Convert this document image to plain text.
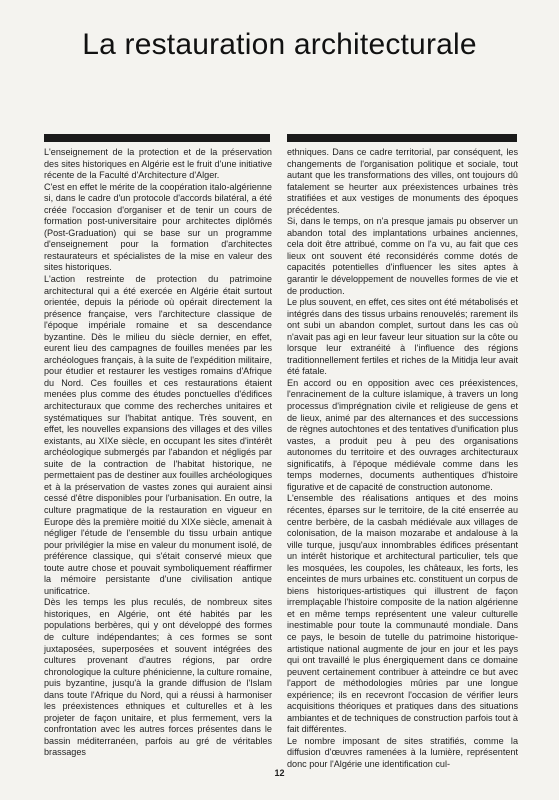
La restauration architecturale

L'enseignement de la protection et de la préservation des sites historiques en Algérie est le fruit d'une initiative récente de la Faculté d'Architecture d'Alger.

C'est en effet le mérite de la coopération italo-algérienne si, dans le cadre d'un protocole d'accords bilatéral, a été créée l'occasion d'organiser et de tenir un cours de formation post-universitaire pour architectes diplômés (Post-Graduation) qui se base sur un programme d'enseignement pour la formation d'architectes restaurateurs et spécialistes de la mise en valeur des sites historiques.

L'action restreinte de protection du patrimoine architectural qui a été exercée en Algérie était surtout orientée, depuis la période où opérait directement la présence française, vers l'architecture classique de l'époque impériale romaine et sa descendance byzantine. Dès le milieu du siècle dernier, en effet, eurent lieu des campagnes de fouilles menées par les archéologues français, à la suite de l'expédition militaire, pour étudier et restaurer les vestiges romains d'Afrique du Nord. Ces fouilles et ces restaurations étaient menées plus comme des études ponctuelles d'édifices architecturaux que comme des recherches unitaires et systématiques sur l'habitat antique. Très souvent, en effet, les nouvelles expansions des villages et des villes existants, au XIXe siècle, en occupant les sites d'intérêt archéologique submergés par l'abandon et négligés par suite de la contraction de l'habitat historique, ne permettaient pas de destiner aux fouilles archéologiques et à la préservation de vastes zones qui auraient ainsi cessé d'être disponibles pour l'urbanisation. En outre, la culture pragmatique de la restauration en vigueur en Europe dès la première moitié du XIXe siècle, amenait à négliger l'étude de l'ensemble du tissu urbain antique pour privilégier la mise en valeur du monument isolé, de préférence classique, qui s'était conservé mieux que toute autre chose et pouvait symboliquement réaffirmer la mémoire persistante d'une civilisation antique unificatrice.

Dès les temps les plus reculés, de nombreux sites historiques, en Algérie, ont été habités par les populations berbères, qui y ont développé des formes de culture indépendantes; à ces formes se sont juxtaposées, superposées et souvent intégrées des cultures provenant d'autres régions, par ordre chronologique la culture phénicienne, la culture romaine, puis byzantine, jusqu'à la grande diffusion de l'Islam dans toute l'Afrique du Nord, qui a réussi à harmoniser les préexistences ethniques et culturelles et à les projeter de façon unitaire, et plus fermement, vers la confrontation avec les autres forces présentes dans le bassin méditerranéen, parfois au gré de véritables brassages

ethniques. Dans ce cadre territorial, par conséquent, les changements de l'organisation politique et sociale, tout autant que les transformations des villes, ont toujours dû fatalement se heurter aux préexistences urbaines très stratifiées et aux vestiges de monuments des époques précédentes.

Si, dans le temps, on n'a presque jamais pu observer un abandon total des implantations urbaines anciennes, cela doit être attribué, comme on l'a vu, au fait que ces lieux ont souvent été reconsidérés comme dotés de capacités potentielles d'influencer les sites aptes à garantir le développement de nouvelles formes de vie et de production.

Le plus souvent, en effet, ces sites ont été métabolisés et intégrés dans des tissus urbains renouvelés; rarement ils ont subi un abandon complet, surtout dans les cas où n'avait pas agi en leur faveur leur situation sur la côte ou lorsque leur extranéité à l'influence des régions traditionnellement fertiles et riches de la Mitidja leur avait été fatale.

En accord ou en opposition avec ces préexistences, l'enracinement de la culture islamique, à travers un long processus d'imprégnation civile et religieuse de gens et de lieux, animé par des alternances et des successions de règnes autochtones et des tentatives d'unification plus vastes, a produit peu à peu des organisations autonomes du territoire et des ouvrages architecturaux significatifs, à l'époque médiévale comme dans les temps modernes, documents authentiques d'histoire figurative et de capacité de construction autonome.

L'ensemble des réalisations antiques et des moins récentes, éparses sur le territoire, de la cité enserrée au centre berbère, de la casbah médiévale aux villages de colonisation, de la maison mozarabe et andalouse à la ville turque, jusqu'aux innombrables édifices présentant un intérêt historique et architectural particulier, tels que les mosquées, les coupoles, les châteaux, les forts, les enceintes de murs urbaines etc. constituent un corpus de biens historiques-artistiques qui illustrent de façon irremplaçable l'histoire composite de la nation algérienne et en même temps représentent une valeur culturelle inestimable pour toute la communauté mondiale. Dans ce pays, le besoin de tutelle du patrimoine historique-artistique national augmente de jour en jour et les pays qui ont travaillé le plus énergiquement dans ce domaine peuvent certainement contribuer à atteindre ce but avec l'apport de méthodologies mûries par une longue expérience; ils en recevront l'occasion de vérifier leurs acquisitions théoriques et pratiques dans des situations ambiantes et de techniques de construction parfois tout à fait différentes.

Le nombre imposant de sites stratifiés, comme la diffusion d'œuvres ramenées à la lumière, représentent donc pour l'Algérie une identification cul-

12
